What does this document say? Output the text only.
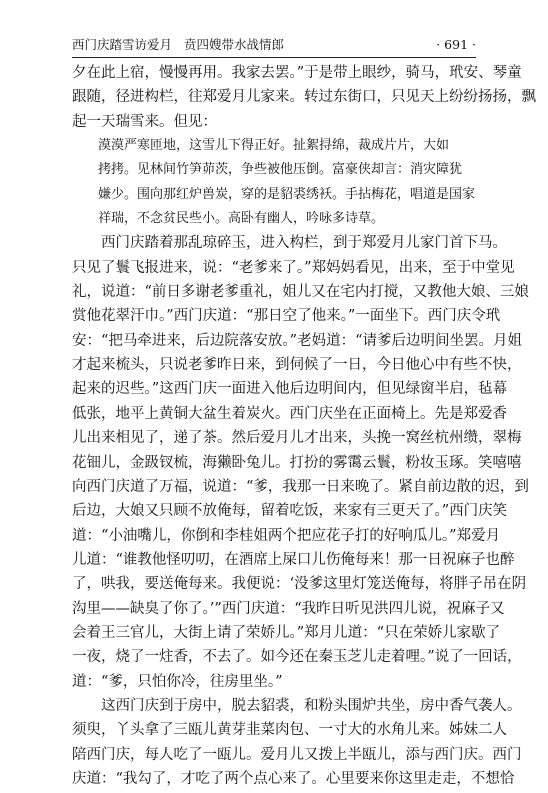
西门庆踏雪访爱月 贲四嫂带水战情郎	· 691 ·
夕在此上宿，慢慢再用。我家去罢。”于是带上眼纱，骑马，玳安、琴童
跟随，径进构栏，往郑爱月儿家来。转过东街口，只见天上纷纷扬扬，飘
起一天瑞雪来。但见：
漠漠严寒匝地，这雪儿下得正好。扯絮挦绵，裁成片片，大如
拷拷。见林间竹笋茆茨，争些被他压倒。富豪侠却言：消灾障犹
嫌少。围向那红炉兽炭，穿的是貂裘绣袄。手拈梅花，唱道是国家
祥瑞，不念贫民些小。高卧有幽人，吟咏多诗草。
　　西门庆踏着那乱琼碎玉，进入构栏，到于郑爱月儿家门首下马。
只见了鬟飞报进来，说：“老爹来了。”郑妈妈看见，出来，至于中堂见
礼，说道：“前日多谢老爹重礼，姐儿又在宅内打搅，又教他大娘、三娘
赏他花翠汗巾。”西门庆道：“那日空了他来。”一面坐下。西门庆令玳
安：“把马牵进来，后边院落安放。”老妈道：“请爹后边明间坐罢。月姐
才起来梳头，只说老爹昨日来，到伺候了一日，今日他心中有些不快，
起来的迟些。”这西门庆一面进入他后边明间内，但见绿窗半启，毡幕
低张，地平上黄铜大盆生着炭火。西门庆坐在正面椅上。先是郑爱香
儿出来相见了，递了茶。然后爱月儿才出来，头挽一窝丝杭州缵，翠梅
花钿儿，金趿钗梳，海獭卧兔儿。打扮的雾霭云鬟，粉妆玉琢。笑嘻嘻
向西门庆道了万福，说道：“爹，我那一日来晚了。紧自前边散的迟，到
后边，大娘又只顾不放俺每，留着吃饭，来家有三更天了。”西门庆笑
道：“小油嘴儿，你倒和李桂姐两个把应花子打的好响瓜儿。”郑爱月
儿道：“谁教他怪叨叨，在酒席上屎口儿伤俺每来！那一日祝麻子也醉
了，哄我，要送俺每来。我便说：‘没爹这里灯笼送俺每，将胖子吊在阴
沟里——缺臭了你了。’”西门庆道：“我昨日听见洪四儿说，祝麻子又
会着王三官儿，大街上请了荣娇儿。”郑月儿道：“只在荣娇儿家歇了
一夜，烧了一炷香，不去了。如今还在秦玉芝儿走着哩。”说了一回话，
道：“爹，只怕你冷，往房里坐。”
　　这西门庆到于房中，脱去貂裘，和粉头围炉共坐，房中香气袭人。
须臾，丫头拿了三瓯儿黄芽韭菜肉包、一寸大的水角儿来。姊妹二人
陪西门庆，每人吃了一瓯儿。爱月儿又拨上半瓯儿，添与西门庆。西门
庆道：“我勾了，才吃了两个点心来了。心里要来你这里走走，不想恰
